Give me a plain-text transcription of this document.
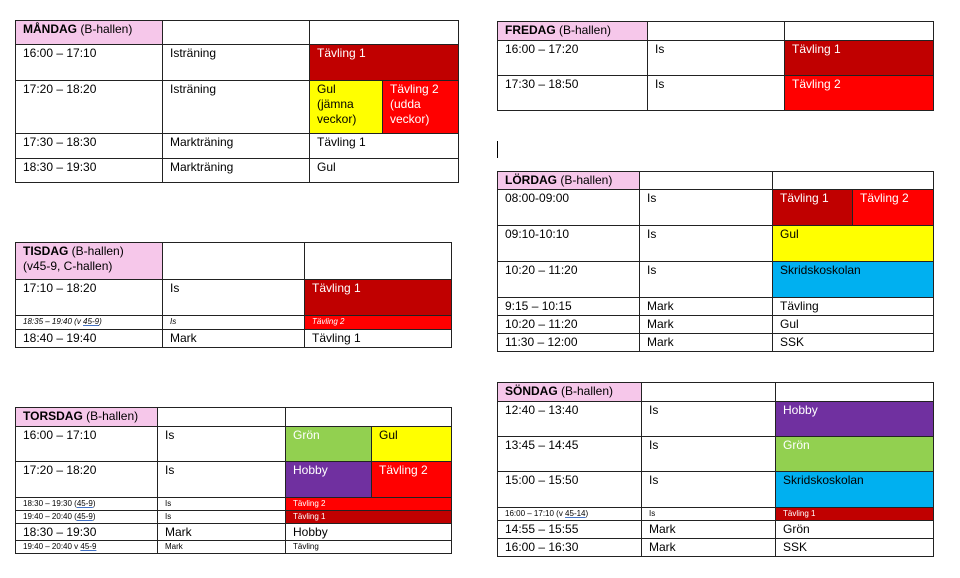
MÅNDAG (B-hallen)			
16:00 – 17:10	Isträning	Tävling 1	
17:20 – 18:20	Isträning	Gul (jämna veckor)	Tävling 2 (udda veckor)
17:30 – 18:30	Markträning	Tävling 1	
18:30 – 19:30	Markträning	Gul	
TISDAG (B-hallen)
(v45-9, C-hallen)		
17:10 – 18:20	Is	Tävling 1
18:35 – 19:40 (v 45-9)	Is	Tävling 2
18:40 – 19:40	Mark	Tävling 1
TORSDAG (B-hallen)			
16:00 – 17:10	Is	Grön	Gul
17:20 – 18:20	Is	Hobby	Tävling 2
18:30 – 19:30 (45-9)	Is	Tävling 2	
19:40 – 20:40 (45-9)	Is	Tävling 1	
18:30 – 19:30	Mark	Hobby	
19:40 – 20:40 v 45-9	Mark	Tävling	
FREDAG (B-hallen)		
16:00 – 17:20	Is	Tävling 1
17:30 – 18:50	Is	Tävling 2
LÖRDAG (B-hallen)			
08:00-09:00	Is	Tävling 1	Tävling 2
09:10-10:10	Is	Gul	
10:20 – 11:20	Is	Skridskoskolan	
9:15 – 10:15	Mark	Tävling	
10:20 – 11:20	Mark	Gul	
11:30 – 12:00	Mark	SSK	
SÖNDAG (B-hallen)		
12:40 – 13:40	Is	Hobby
13:45 – 14:45	Is	Grön
15:00 – 15:50	Is	Skridskoskolan
16:00 – 17:10 (v 45-14)	Is	Tävling 1
14:55 – 15:55	Mark	Grön
16:00 – 16:30	Mark	SSK
